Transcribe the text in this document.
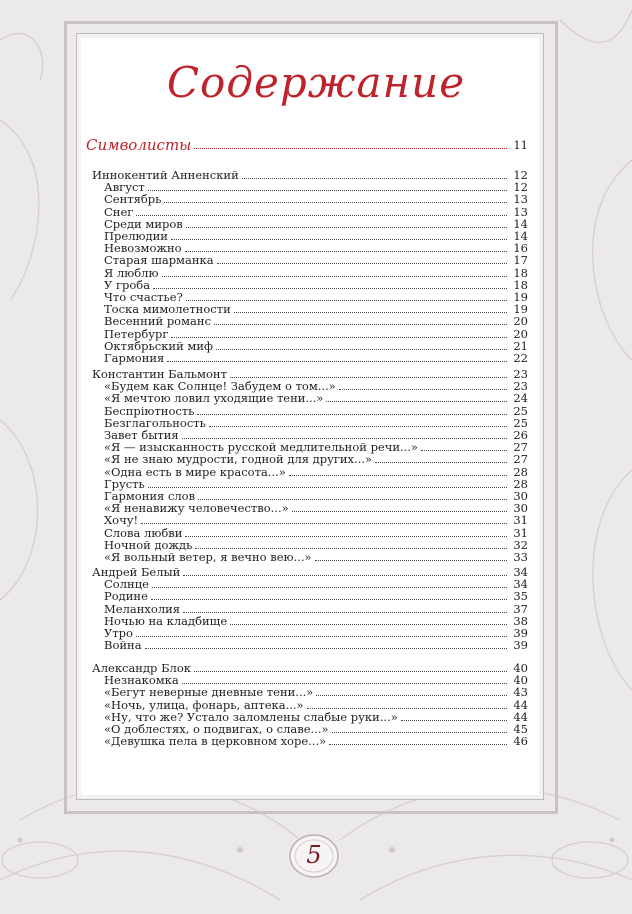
Содержание
Символисты	11
Иннокентий Анненский	12
Август	12
Сентябрь	13
Снег	13
Среди миров	14
Прелюдии	14
Невозможно	16
Старая шарманка	17
Я люблю	18
У гроба	18
Что счастье?	19
Тоска мимолетности	19
Весенний романс	20
Петербург	20
Октябрьский миф	21
Гармония	22
Константин Бальмонт	23
«Будем как Солнце! Забудем о том...»	23
«Я мечтою ловил уходящие тени...»	24
Беспріютность	25
Безглагольность	25
Завет бытия	26
«Я — изысканность русской медлительной речи...»	27
«Я не знаю мудрости, годной для других...»	27
«Одна есть в мире красота...»	28
Грусть	28
Гармония слов	30
«Я ненавижу человечество...»	30
Хочу!	31
Слова любви	31
Ночной дождь	32
«Я вольный ветер, я вечно вею...»	33
Андрей Белый	34
Солнце	34
Родине	35
Меланхолия	37
Ночью на кладбище	38
Утро	39
Война	39
Александр Блок	40
Незнакомка	40
«Бегут неверные дневные тени...»	43
«Ночь, улица, фонарь, аптека...»	44
«Ну, что же? Устало заломлены слабые руки...»	44
«О доблестях, о подвигах, о славе...»	45
«Девушка пела в церковном хоре...»	46
5
